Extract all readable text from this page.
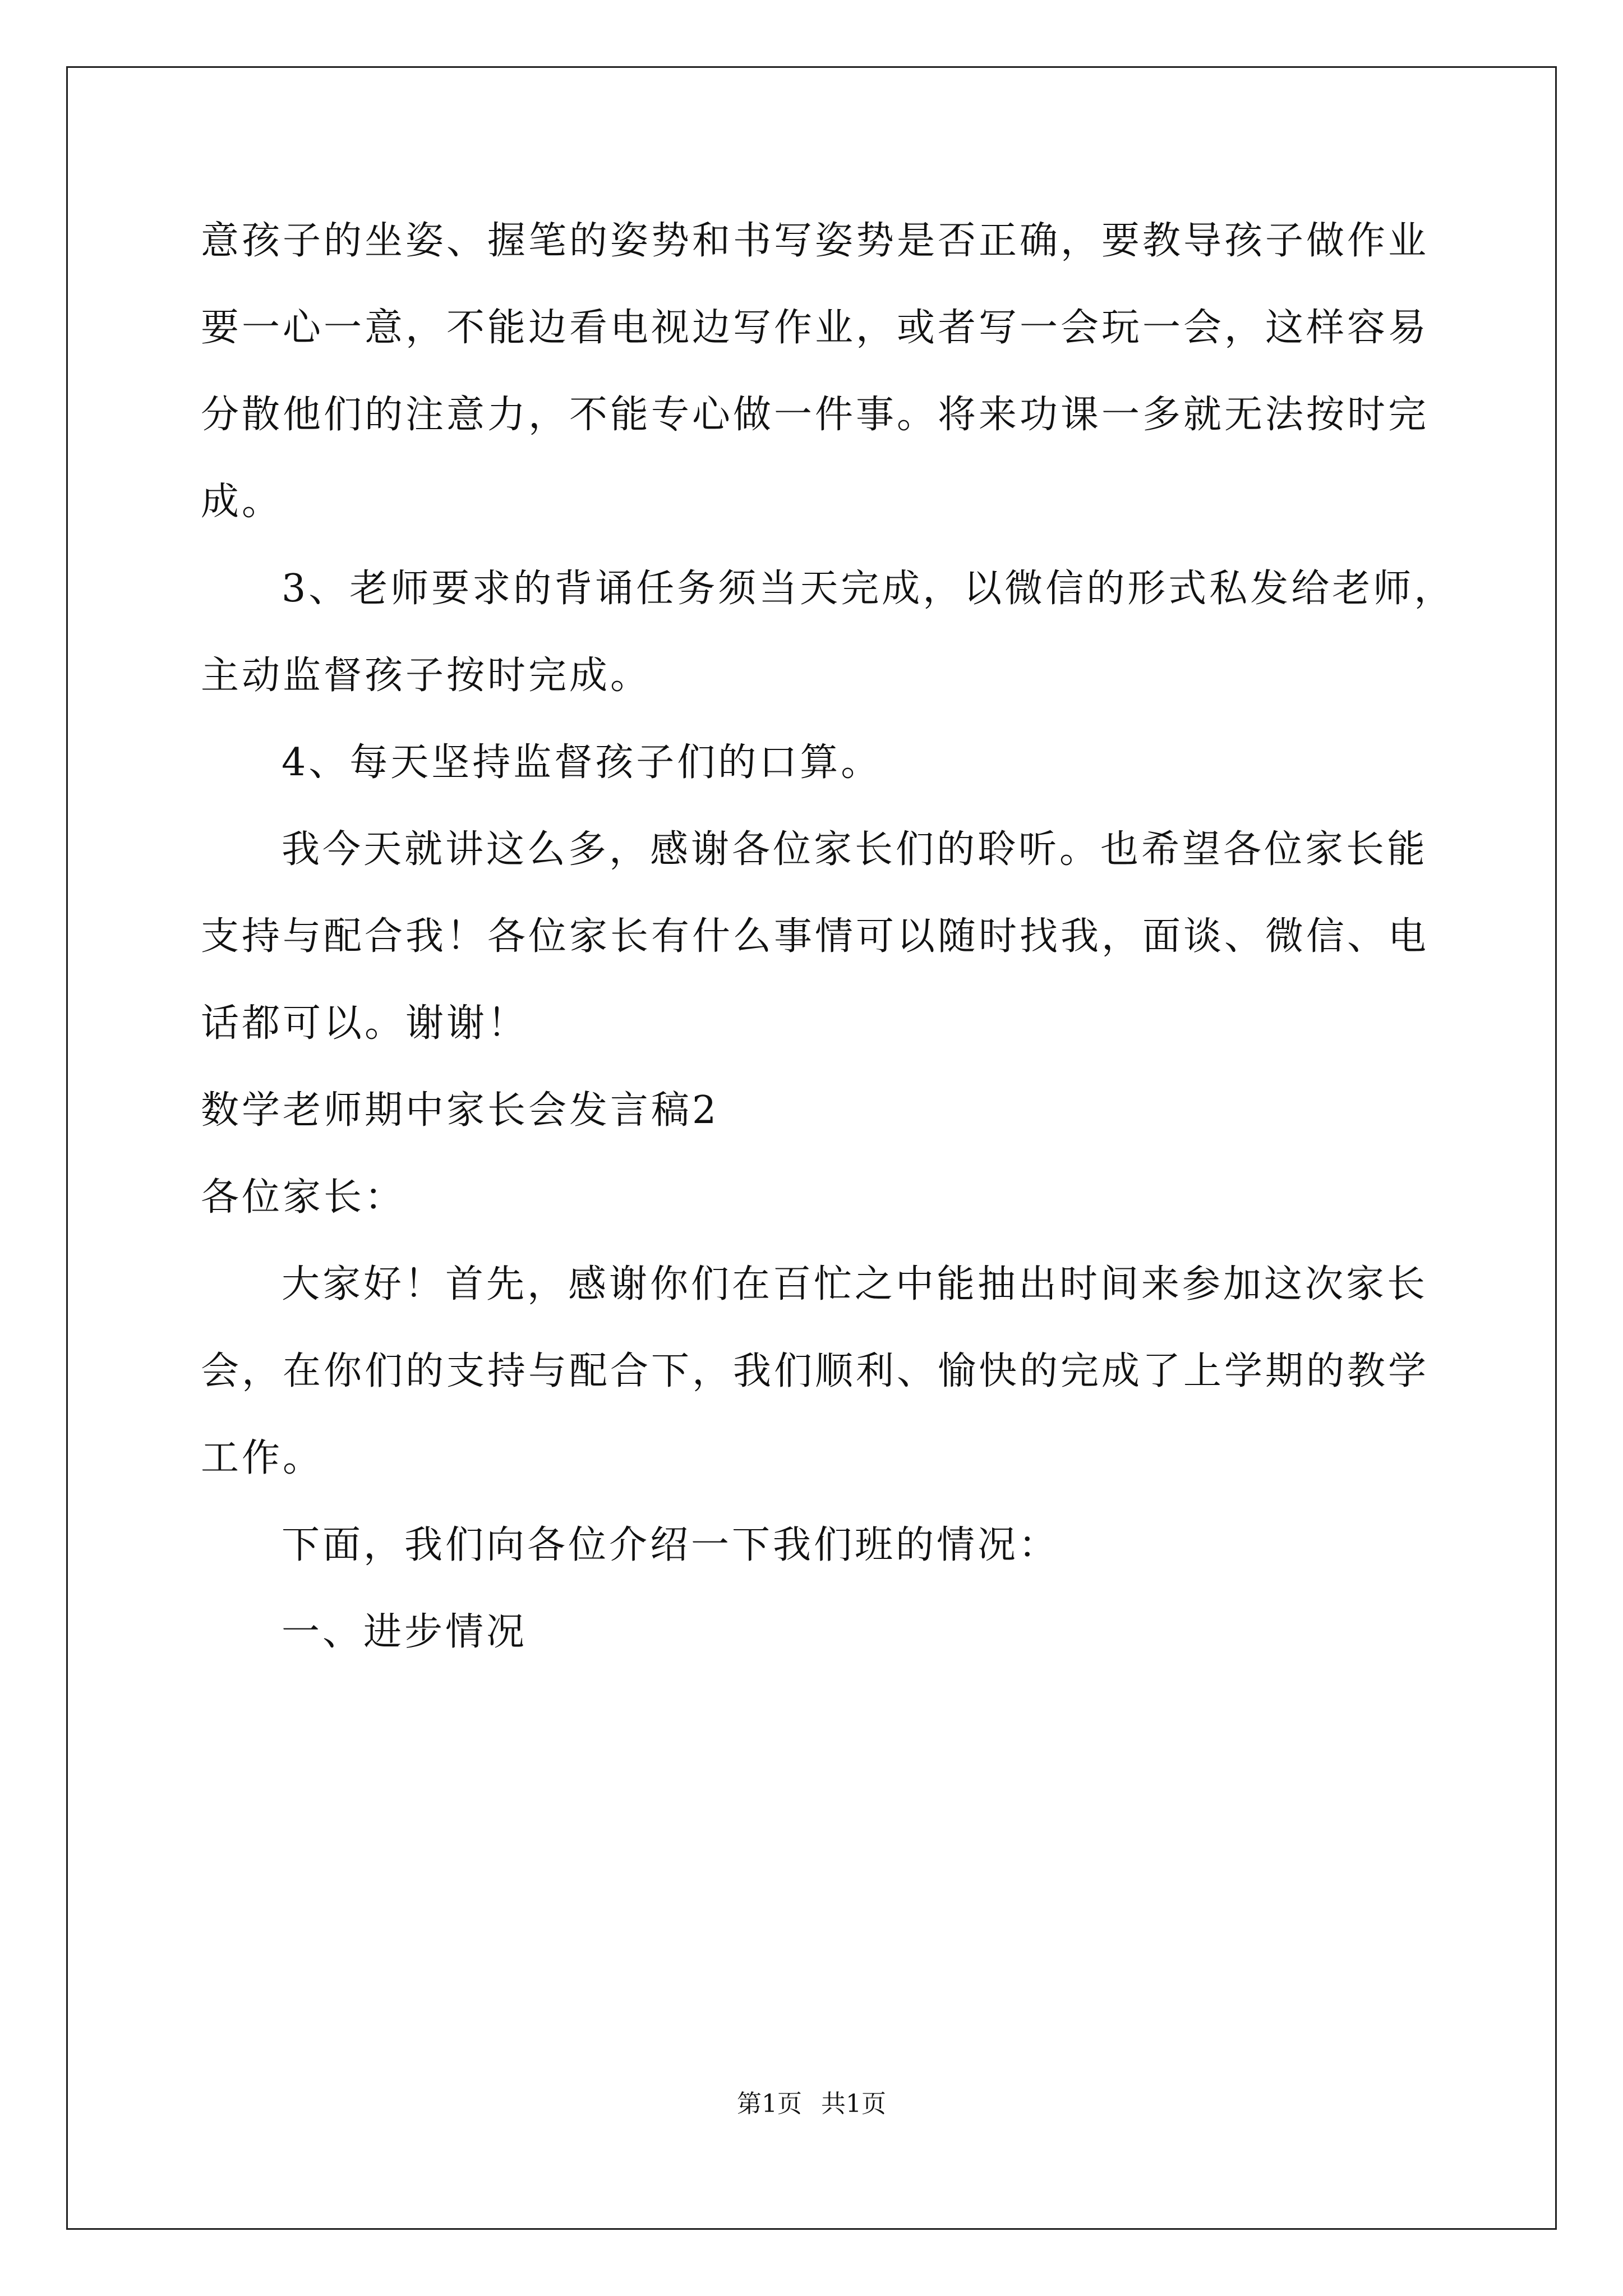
意孩子的坐姿、握笔的姿势和书写姿势是否正确，要教导孩子做作业
要一心一意，不能边看电视边写作业，或者写一会玩一会，这样容易
分散他们的注意力，不能专心做一件事。将来功课一多就无法按时完
成。
3、老师要求的背诵任务须当天完成，以微信的形式私发给老师，
主动监督孩子按时完成。
4、每天坚持监督孩子们的口算。
我今天就讲这么多，感谢各位家长们的聆听。也希望各位家长能
支持与配合我！各位家长有什么事情可以随时找我，面谈、微信、电
话都可以。谢谢！
数学老师期中家长会发言稿2
各位家长：
大家好！首先，感谢你们在百忙之中能抽出时间来参加这次家长
会，在你们的支持与配合下，我们顺利、愉快的完成了上学期的教学
工作。
下面，我们向各位介绍一下我们班的情况：
一、进步情况
第1页 共1页
